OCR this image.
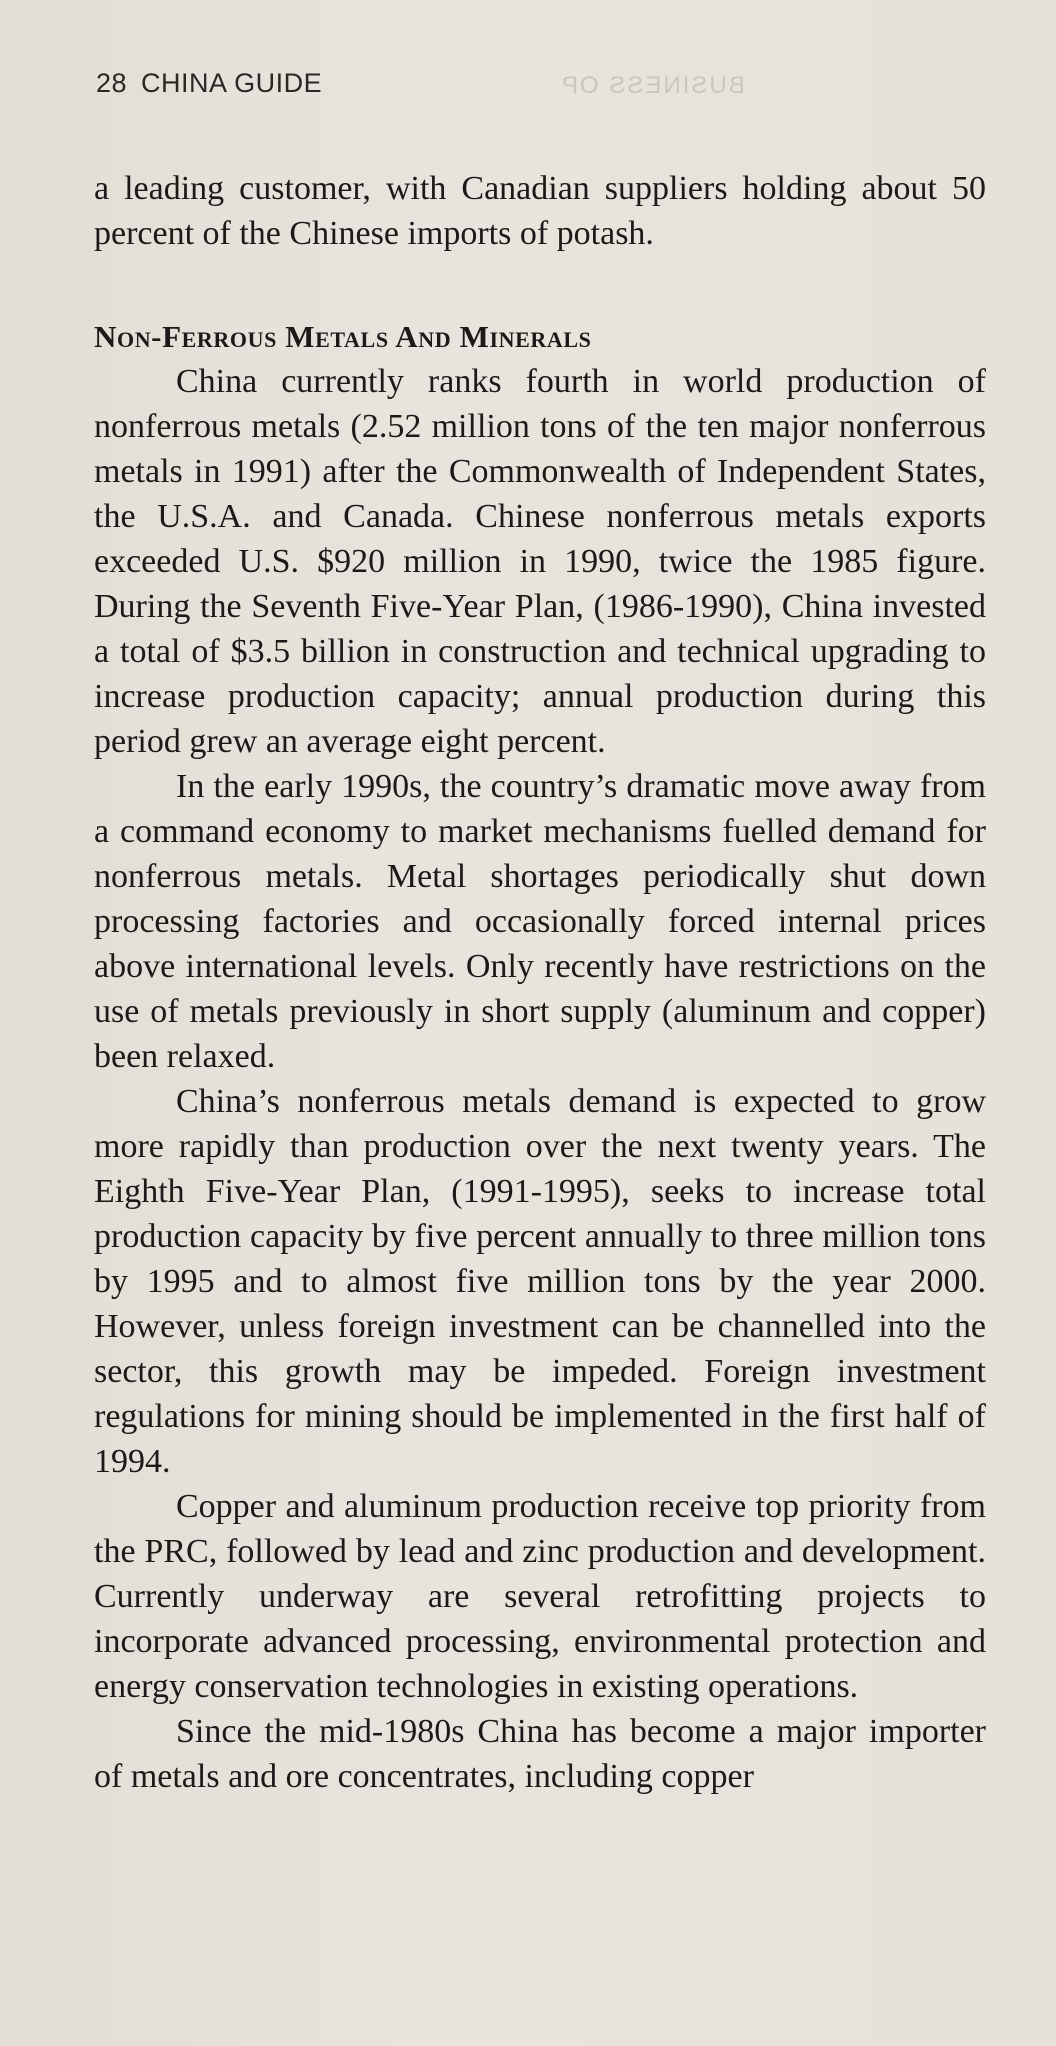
BUSINESS OP
28 CHINA GUIDE

a leading customer, with Canadian suppliers holding about 50 percent of the Chinese imports of potash.

Non-Ferrous Metals And Minerals

China currently ranks fourth in world production of nonferrous metals (2.52 million tons of the ten major nonferrous metals in 1991) after the Commonwealth of Independent States, the U.S.A. and Canada. Chinese nonferrous metals exports exceeded U.S. $920 million in 1990, twice the 1985 figure. During the Seventh Five-Year Plan, (1986-1990), China invested a total of $3.5 billion in construction and technical upgrading to increase production capacity; annual production during this period grew an average eight percent.

In the early 1990s, the country’s dramatic move away from a command economy to market mechanisms fuelled demand for nonferrous metals. Metal shortages periodically shut down processing factories and occasionally forced internal prices above international levels. Only recently have restrictions on the use of metals previously in short supply (aluminum and copper) been relaxed.

China’s nonferrous metals demand is expected to grow more rapidly than production over the next twenty years. The Eighth Five-Year Plan, (1991-1995), seeks to increase total production capacity by five percent annually to three million tons by 1995 and to almost five million tons by the year 2000. However, unless foreign investment can be channelled into the sector, this growth may be impeded. Foreign investment regulations for mining should be implemented in the first half of 1994.

Copper and aluminum production receive top priority from the PRC, followed by lead and zinc production and development. Currently underway are several retrofitting projects to incorporate advanced processing, environmental protection and energy conservation technologies in existing operations.

Since the mid-1980s China has become a major importer of metals and ore concentrates, including copper
